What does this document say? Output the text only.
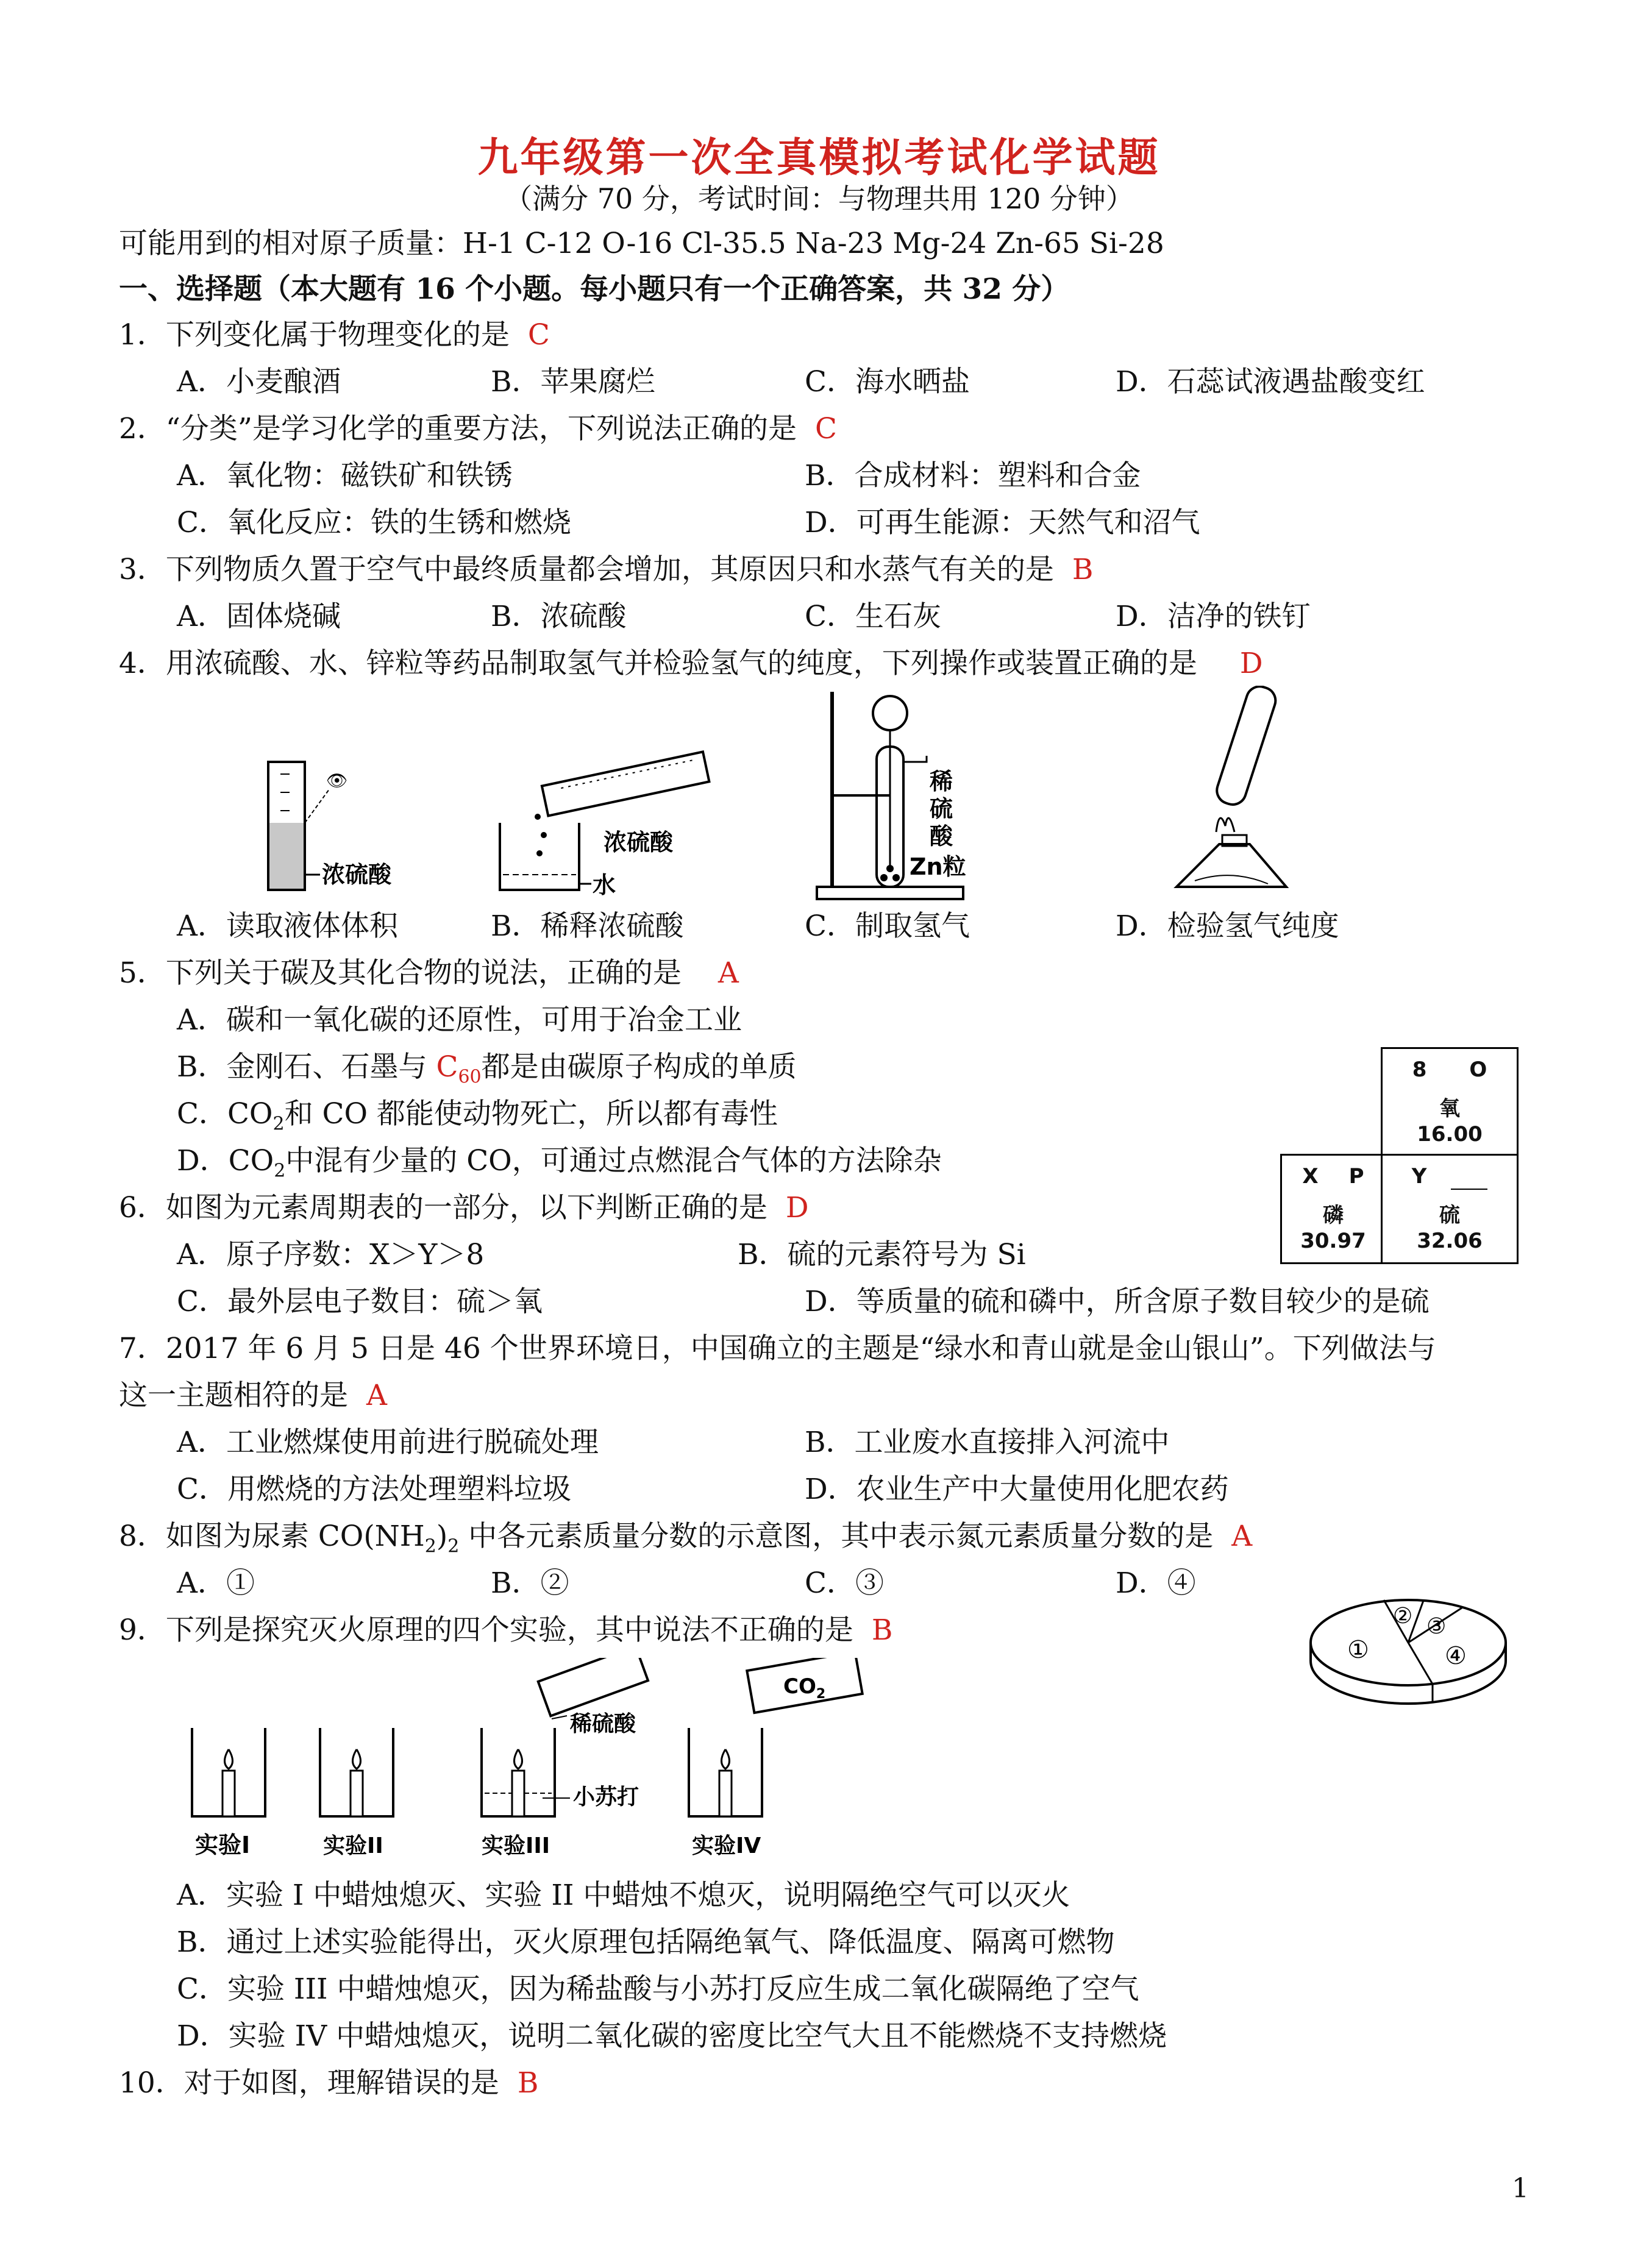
九年级第一次全真模拟考试化学试题
（满分 70 分，考试时间：与物理共用 120 分钟）
可能用到的相对原子质量：H-1 C-12 O-16 Cl-35.5 Na-23 Mg-24 Zn-65 Si-28
一、选择题（本大题有 16 个小题。每小题只有一个正确答案，共 32 分）
1．下列变化属于物理变化的是 C
A．小麦酿酒	B．苹果腐烂	C．海水晒盐	D．石蕊试液遇盐酸变红
2．“分类”是学习化学的重要方法，下列说法正确的是 C
A．氧化物：磁铁矿和铁锈	B．合成材料：塑料和合金
C．氧化反应：铁的生锈和燃烧	D．可再生能源：天然气和沼气
3．下列物质久置于空气中最终质量都会增加，其原因只和水蒸气有关的是 B
A．固体烧碱	B．浓硫酸	C．生石灰	D．洁净的铁钉
4．用浓硫酸、水、锌粒等药品制取氢气并检验氢气的纯度，下列操作或装置正确的是 D
👁
浓硫酸
浓硫酸
水
稀
硫
酸
Zn粒
A．读取液体体积	B．稀释浓硫酸	C．制取氢气	D．检验氢气纯度
5．下列关于碳及其化合物的说法，正确的是 A
A．碳和一氧化碳的还原性，可用于冶金工业
B．金刚石、石墨与 $C_{60}$都是由碳原子构成的单质
C．$CO_2$和 CO 都能使动物死亡，所以都有毒性
D．$CO_2$中混有少量的 CO，可通过点燃混合气体的方法除杂
8 O
氧
16.00
X P
磷
30.97
Y
硫
32.06
6．如图为元素周期表的一部分，以下判断正确的是 D
A．原子序数：X＞Y＞8	B．硫的元素符号为 Si
C．最外层电子数目：硫＞氧	D．等质量的硫和磷中，所含原子数目较少的是硫
7．2017 年 6 月 5 日是 46 个世界环境日，中国确立的主题是“绿水和青山就是金山银山”。下列做法与
这一主题相符的是 A
A．工业燃煤使用前进行脱硫处理	B．工业废水直接排入河流中
C．用燃烧的方法处理塑料垃圾	D．农业生产中大量使用化肥农药
8．如图为尿素 $CO(NH_2)_2$ 中各元素质量分数的示意图，其中表示氮元素质量分数的是 A
A．①	B．②	C．③	D．④
①
② ③
④
9．下列是探究灭火原理的四个实验，其中说法不正确的是 B
实验I	实验II
稀硫酸
小苏打
实验III
$CO_2$
实验IV
A．实验 I 中蜡烛熄灭、实验 II 中蜡烛不熄灭，说明隔绝空气可以灭火
B．通过上述实验能得出，灭火原理包括隔绝氧气、降低温度、隔离可燃物
C．实验 III 中蜡烛熄灭，因为稀盐酸与小苏打反应生成二氧化碳隔绝了空气
D．实验 IV 中蜡烛熄灭，说明二氧化碳的密度比空气大且不能燃烧不支持燃烧
10．对于如图，理解错误的是 B
1
